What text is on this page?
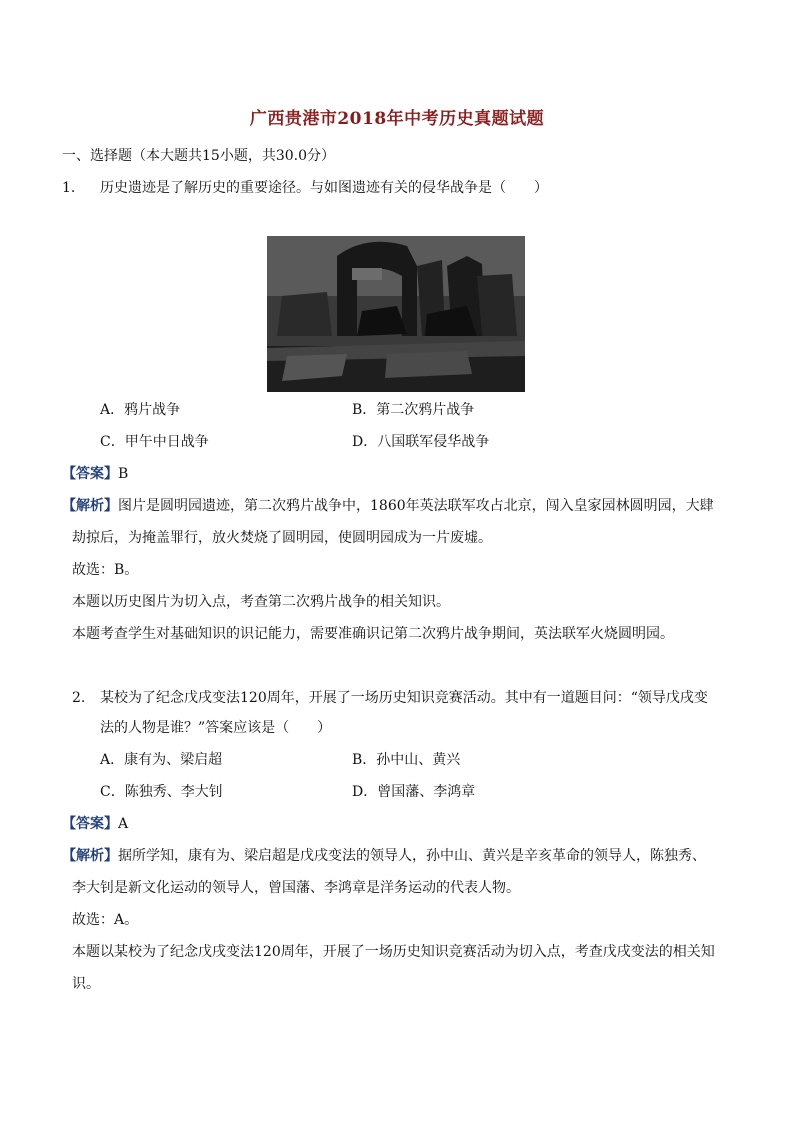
广西贵港市2018年中考历史真题试题
一、选择题（本大题共15小题，共30.0分）
1. 历史遗迹是了解历史的重要途径。与如图遗迹有关的侵华战争是（　　）
A．鸦片战争	B．第二次鸦片战争
C．甲午中日战争	D．八国联军侵华战争
【答案】B
【解析】图片是圆明园遗迹，第二次鸦片战争中，1860年英法联军攻占北京，闯入皇家园林圆明园，大肆
劫掠后，为掩盖罪行，放火焚烧了圆明园，使圆明园成为一片废墟。
故选：B。
本题以历史图片为切入点，考查第二次鸦片战争的相关知识。
本题考查学生对基础知识的识记能力，需要准确识记第二次鸦片战争期间，英法联军火烧圆明园。
2. 某校为了纪念戊戌变法120周年，开展了一场历史知识竞赛活动。其中有一道题目问：“领导戊戌变
法的人物是谁？”答案应该是（　　）
A．康有为、梁启超	B．孙中山、黄兴
C．陈独秀、李大钊	D．曾国藩、李鸿章
【答案】A
【解析】据所学知，康有为、梁启超是戊戌变法的领导人，孙中山、黄兴是辛亥革命的领导人，陈独秀、
李大钊是新文化运动的领导人，曾国藩、李鸿章是洋务运动的代表人物。
故选：A。
本题以某校为了纪念戊戌变法120周年，开展了一场历史知识竞赛活动为切入点，考查戊戌变法的相关知
识。
